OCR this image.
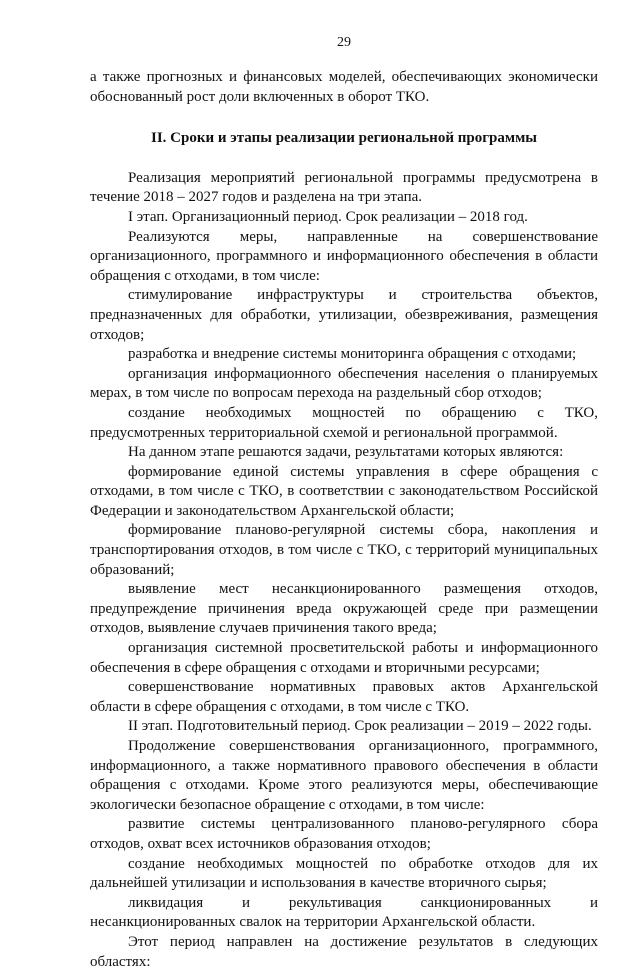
29

а также прогнозных и финансовых моделей, обеспечивающих экономически обоснованный рост доли включенных в оборот ТКО.

II. Сроки и этапы реализации региональной программы

Реализация мероприятий региональной программы предусмотрена в течение 2018 – 2027 годов и разделена на три этапа.

I этап. Организационный период. Срок реализации – 2018 год.

Реализуются меры, направленные на совершенствование организационного, программного и информационного обеспечения в области обращения с отходами, в том числе:

стимулирование инфраструктуры и строительства объектов, предназначенных для обработки, утилизации, обезвреживания, размещения отходов;

разработка и внедрение системы мониторинга обращения с отходами;

организация информационного обеспечения населения о планируемых мерах, в том числе по вопросам перехода на раздельный сбор отходов;

создание необходимых мощностей по обращению с ТКО, предусмотренных территориальной схемой и региональной программой.

На данном этапе решаются задачи, результатами которых являются:

формирование единой системы управления в сфере обращения с отходами, в том числе с ТКО, в соответствии с законодательством Российской Федерации и законодательством Архангельской области;

формирование планово-регулярной системы сбора, накопления и транспортирования отходов, в том числе с ТКО, с территорий муниципальных образований;

выявление мест несанкционированного размещения отходов, предупреждение причинения вреда окружающей среде при размещении отходов, выявление случаев причинения такого вреда;

организация системной просветительской работы и информационного обеспечения в сфере обращения с отходами и вторичными ресурсами;

совершенствование нормативных правовых актов Архангельской области в сфере обращения с отходами, в том числе с ТКО.

II этап. Подготовительный период. Срок реализации – 2019 – 2022 годы.

Продолжение совершенствования организационного, программного, информационного, а также нормативного правового обеспечения в области обращения с отходами. Кроме этого реализуются меры, обеспечивающие экологически безопасное обращение с отходами, в том числе:

развитие системы централизованного планово-регулярного сбора отходов, охват всех источников образования отходов;

создание необходимых мощностей по обработке отходов для их дальнейшей утилизации и использования в качестве вторичного сырья;

ликвидация и рекультивация санкционированных и несанкционированных свалок на территории Архангельской области.

Этот период направлен на достижение результатов в следующих областях:
